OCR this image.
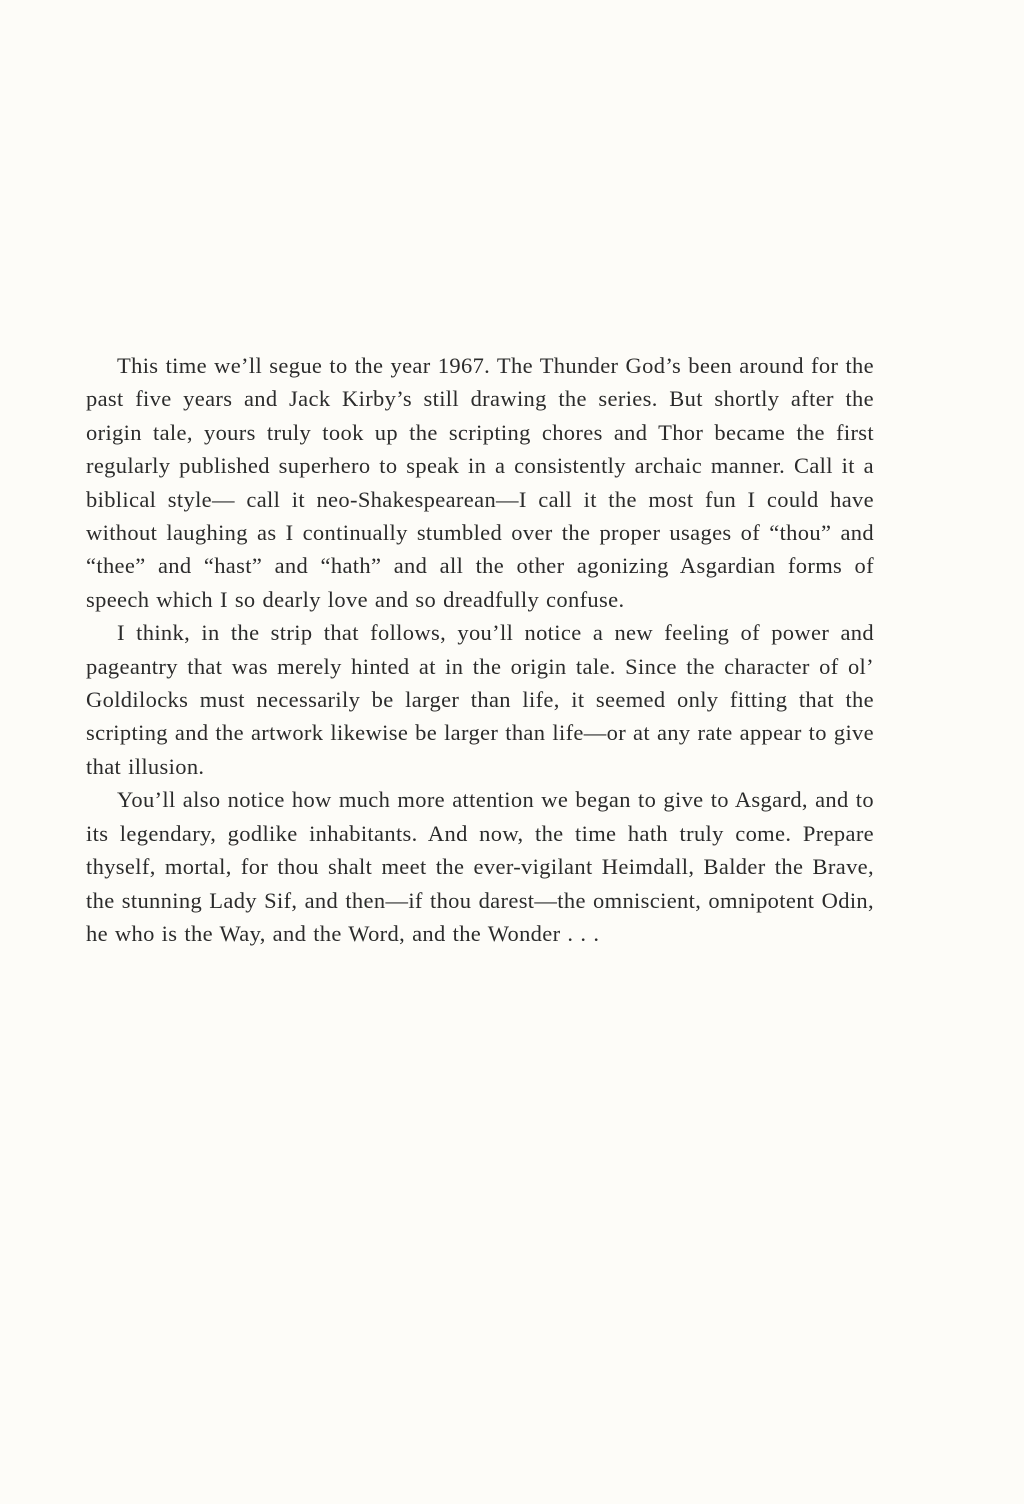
This time we’ll segue to the year 1967. The Thunder God’s been around for the past five years and Jack Kirby’s still drawing the series. But shortly after the origin tale, yours truly took up the scripting chores and Thor became the first regularly published superhero to speak in a consistently archaic manner. Call it a biblical style— call it neo-Shakespearean—I call it the most fun I could have without laughing as I continually stumbled over the proper usages of “thou” and “thee” and “hast” and “hath” and all the other agonizing Asgardian forms of speech which I so dearly love and so dreadfully confuse.

I think, in the strip that follows, you’ll notice a new feeling of power and pageantry that was merely hinted at in the origin tale. Since the character of ol’ Goldilocks must necessarily be larger than life, it seemed only fitting that the scripting and the artwork likewise be larger than life—or at any rate appear to give that illusion.

You’ll also notice how much more attention we began to give to Asgard, and to its legendary, godlike inhabitants. And now, the time hath truly come. Prepare thyself, mortal, for thou shalt meet the ever-vigilant Heimdall, Balder the Brave, the stunning Lady Sif, and then—if thou darest—the omniscient, omnipotent Odin, he who is the Way, and the Word, and the Wonder . . .
